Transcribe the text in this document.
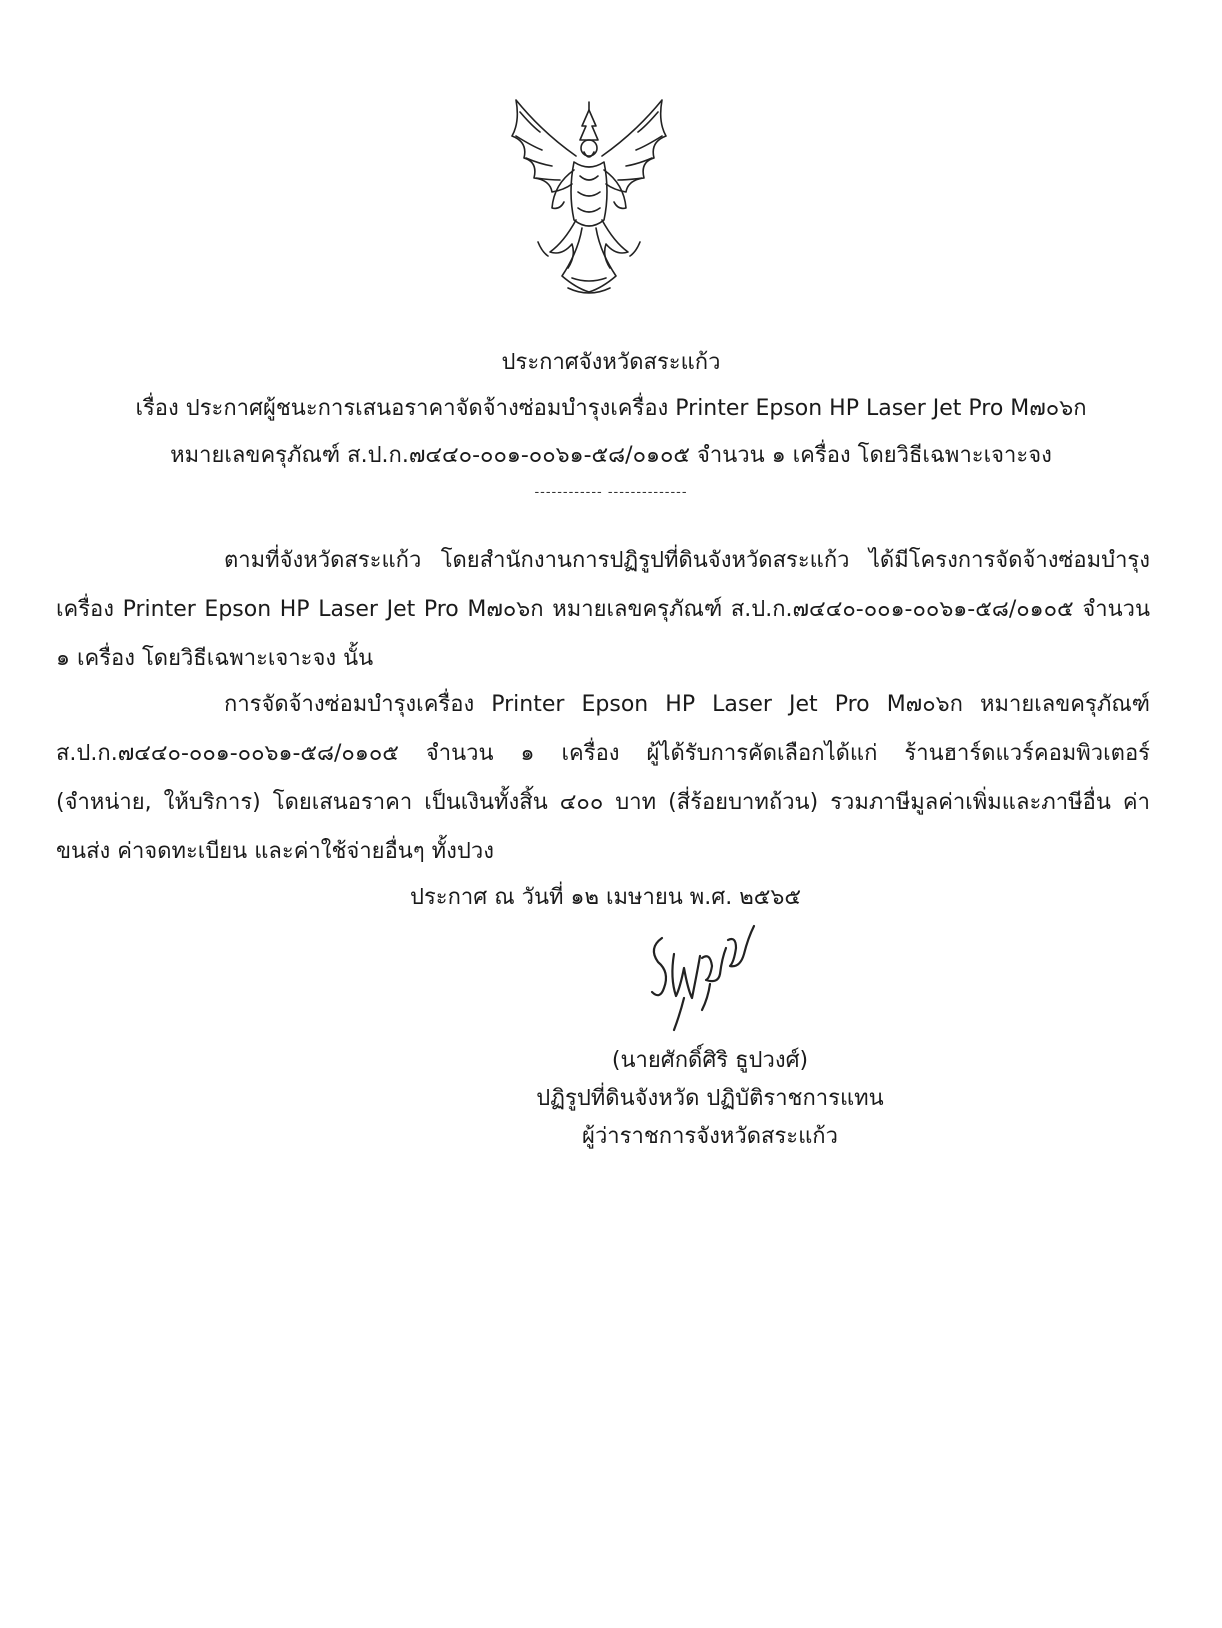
ประกาศจังหวัดสระแก้ว
เรื่อง ประกาศผู้ชนะการเสนอราคาจัดจ้างซ่อมบำรุงเครื่อง Printer Epson HP Laser Jet Pro M๗๐๖ก
หมายเลขครุภัณฑ์ ส.ป.ก.๗๔๔๐-๐๐๑-๐๐๖๑-๕๘/๐๑๐๕ จำนวน ๑ เครื่อง โดยวิธีเฉพาะเจาะจง
------------ --------------

ตามที่จังหวัดสระแก้ว โดยสำนักงานการปฏิรูปที่ดินจังหวัดสระแก้ว ได้มีโครงการจัดจ้างซ่อมบำรุงเครื่อง Printer Epson HP Laser Jet Pro M๗๐๖ก หมายเลขครุภัณฑ์ ส.ป.ก.๗๔๔๐-๐๐๑-๐๐๖๑-๕๘/๐๑๐๕ จำนวน ๑ เครื่อง โดยวิธีเฉพาะเจาะจง นั้น

การจัดจ้างซ่อมบำรุงเครื่อง Printer Epson HP Laser Jet Pro M๗๐๖ก หมายเลขครุภัณฑ์ ส.ป.ก.๗๔๔๐-๐๐๑-๐๐๖๑-๕๘/๐๑๐๕ จำนวน ๑ เครื่อง ผู้ได้รับการคัดเลือกได้แก่ ร้านฮาร์ดแวร์คอมพิวเตอร์ (จำหน่าย, ให้บริการ) โดยเสนอราคา เป็นเงินทั้งสิ้น ๔๐๐ บาท (สี่ร้อยบาทถ้วน) รวมภาษีมูลค่าเพิ่มและภาษีอื่น ค่าขนส่ง ค่าจดทะเบียน และค่าใช้จ่ายอื่นๆ ทั้งปวง

ประกาศ ณ วันที่ ๑๒ เมษายน พ.ศ. ๒๕๖๕
(นายศักดิ์ศิริ ธูปวงศ์)
ปฏิรูปที่ดินจังหวัด ปฏิบัติราชการแทน
ผู้ว่าราชการจังหวัดสระแก้ว
